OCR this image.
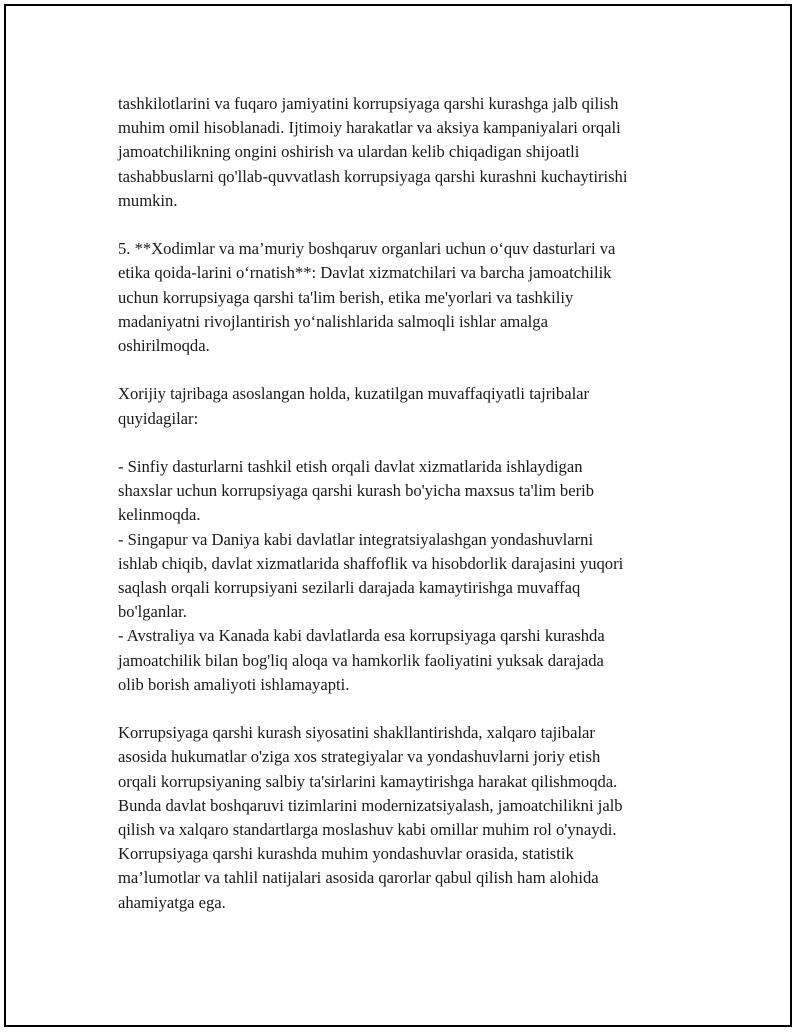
tashkilotlarini va fuqaro jamiyatini korrupsiyaga qarshi kurashga jalb qilish
muhim omil hisoblanadi. Ijtimoiy harakatlar va aksiya kampaniyalari orqali
jamoatchilikning ongini oshirish va ulardan kelib chiqadigan shijoatli
tashabbuslarni qo'llab-quvvatlash korrupsiyaga qarshi kurashni kuchaytirishi
mumkin.

5. **Xodimlar va ma’muriy boshqaruv organlari uchun o‘quv dasturlari va
etika qoida-larini o‘rnatish**: Davlat xizmatchilari va barcha jamoatchilik
uchun korrupsiyaga qarshi ta'lim berish, etika me'yorlari va tashkiliy
madaniyatni rivojlantirish yo‘nalishlarida salmoqli ishlar amalga
oshirilmoqda.

Xorijiy tajribaga asoslangan holda, kuzatilgan muvaffaqiyatli tajribalar
quyidagilar:

- Sinfiy dasturlarni tashkil etish orqali davlat xizmatlarida ishlaydigan
shaxslar uchun korrupsiyaga qarshi kurash bo'yicha maxsus ta'lim berib
kelinmoqda.
- Singapur va Daniya kabi davlatlar integratsiyalashgan yondashuvlarni
ishlab chiqib, davlat xizmatlarida shaffoflik va hisobdorlik darajasini yuqori
saqlash orqali korrupsiyani sezilarli darajada kamaytirishga muvaffaq
bo'lganlar.
- Avstraliya va Kanada kabi davlatlarda esa korrupsiyaga qarshi kurashda
jamoatchilik bilan bog'liq aloqa va hamkorlik faoliyatini yuksak darajada
olib borish amaliyoti ishlamayapti.

Korrupsiyaga qarshi kurash siyosatini shakllantirishda, xalqaro tajibalar
asosida hukumatlar o'ziga xos strategiyalar va yondashuvlarni joriy etish
orqali korrupsiyaning salbiy ta'sirlarini kamaytirishga harakat qilishmoqda.
Bunda davlat boshqaruvi tizimlarini modernizatsiyalash, jamoatchilikni jalb
qilish va xalqaro standartlarga moslashuv kabi omillar muhim rol o'ynaydi.
Korrupsiyaga qarshi kurashda muhim yondashuvlar orasida, statistik
ma’lumotlar va tahlil natijalari asosida qarorlar qabul qilish ham alohida
ahamiyatga ega.
